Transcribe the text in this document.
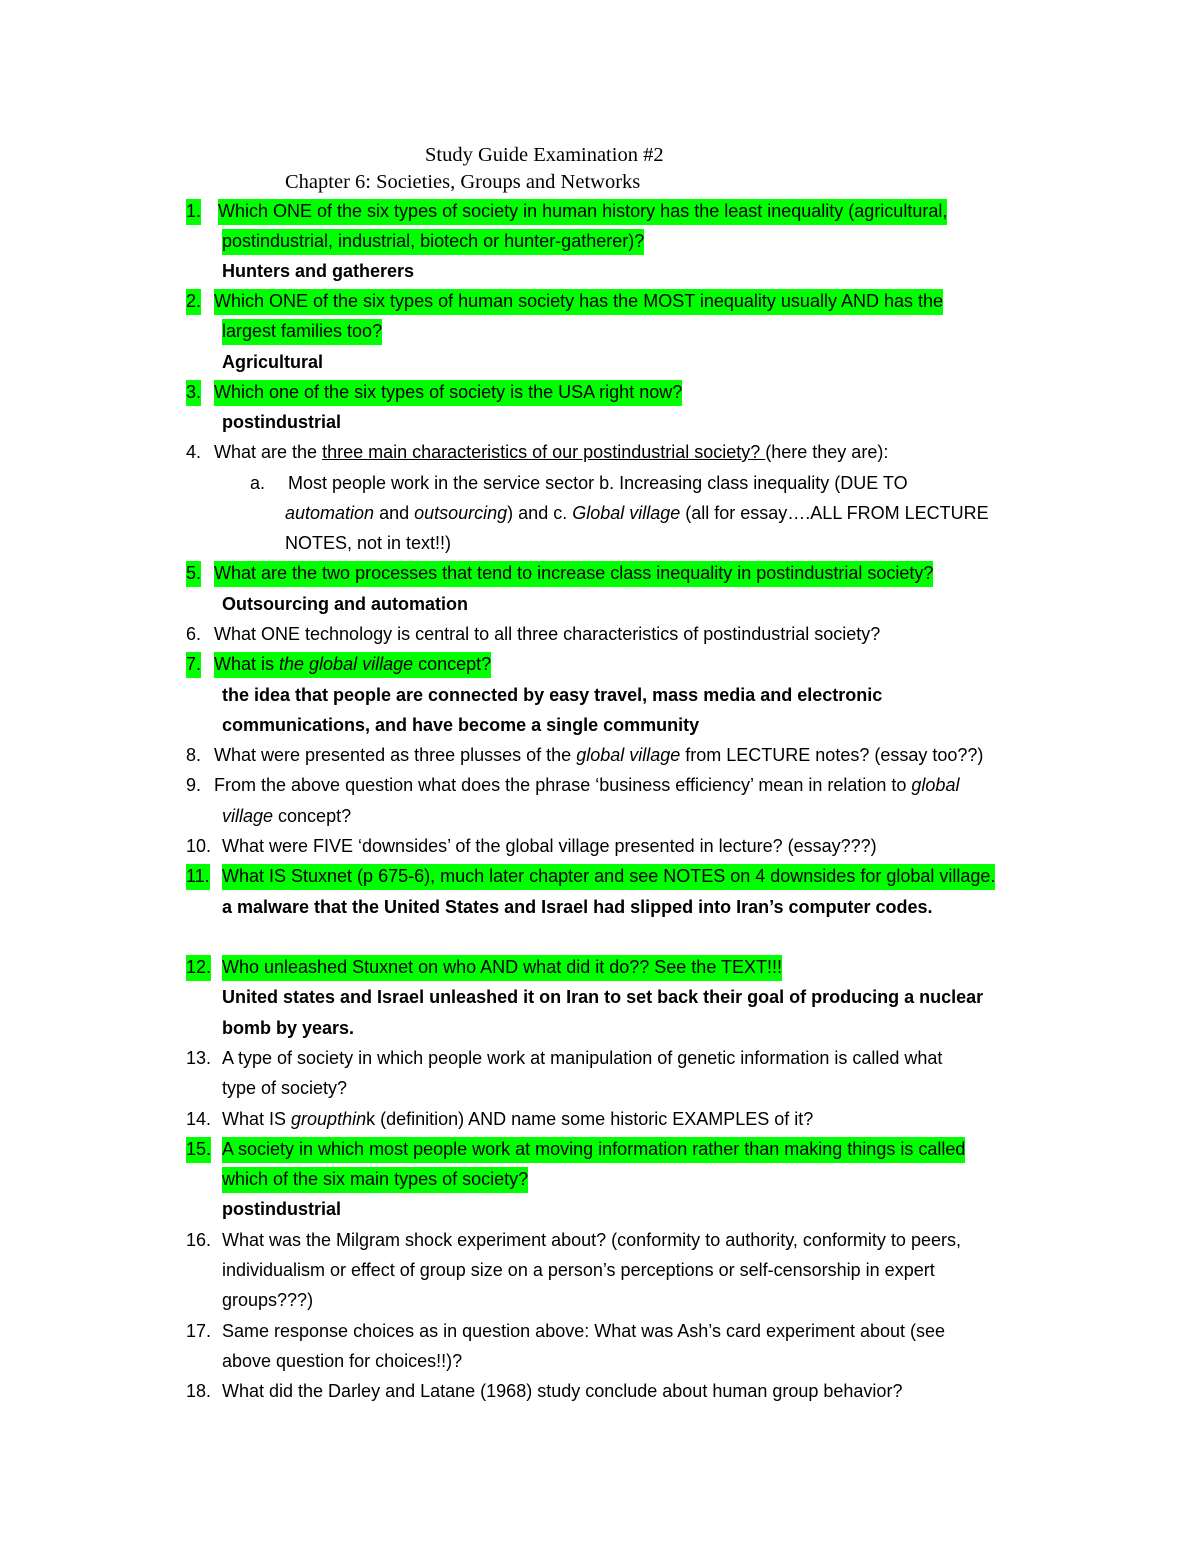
Study Guide Examination #2
Chapter 6: Societies, Groups and Networks
1. Which ONE of the six types of society in human history has the least inequality (agricultural,
postindustrial, industrial, biotech or hunter-gatherer)?
Hunters and gatherers
2. Which ONE of the six types of human society has the MOST inequality usually AND has the
largest families too?
Agricultural
3. Which one of the six types of society is the USA right now?
postindustrial
4. What are the three main characteristics of our postindustrial society? (here they are):
a. Most people work in the service sector b. Increasing class inequality (DUE TO
automation and outsourcing) and c. Global village (all for essay….ALL FROM LECTURE
NOTES, not in text!!)
5. What are the two processes that tend to increase class inequality in postindustrial society?
Outsourcing and automation
6. What ONE technology is central to all three characteristics of postindustrial society?
7. What is the global village concept?
the idea that people are connected by easy travel, mass media and electronic
communications, and have become a single community
8. What were presented as three plusses of the global village from LECTURE notes? (essay too??)
9. From the above question what does the phrase ‘business efficiency’ mean in relation to global
village concept?
10. What were FIVE ‘downsides’ of the global village presented in lecture? (essay???)
11. What IS Stuxnet (p 675-6), much later chapter and see NOTES on 4 downsides for global village.
a malware that the United States and Israel had slipped into Iran’s computer codes.
12. Who unleashed Stuxnet on who AND what did it do?? See the TEXT!!!
United states and Israel unleashed it on Iran to set back their goal of producing a nuclear
bomb by years.
13. A type of society in which people work at manipulation of genetic information is called what
type of society?
14. What IS groupthink (definition) AND name some historic EXAMPLES of it?
15. A society in which most people work at moving information rather than making things is called
which of the six main types of society?
postindustrial
16. What was the Milgram shock experiment about? (conformity to authority, conformity to peers,
individualism or effect of group size on a person’s perceptions or self-censorship in expert
groups???)
17. Same response choices as in question above: What was Ash’s card experiment about (see
above question for choices!!)?
18. What did the Darley and Latane (1968) study conclude about human group behavior?
